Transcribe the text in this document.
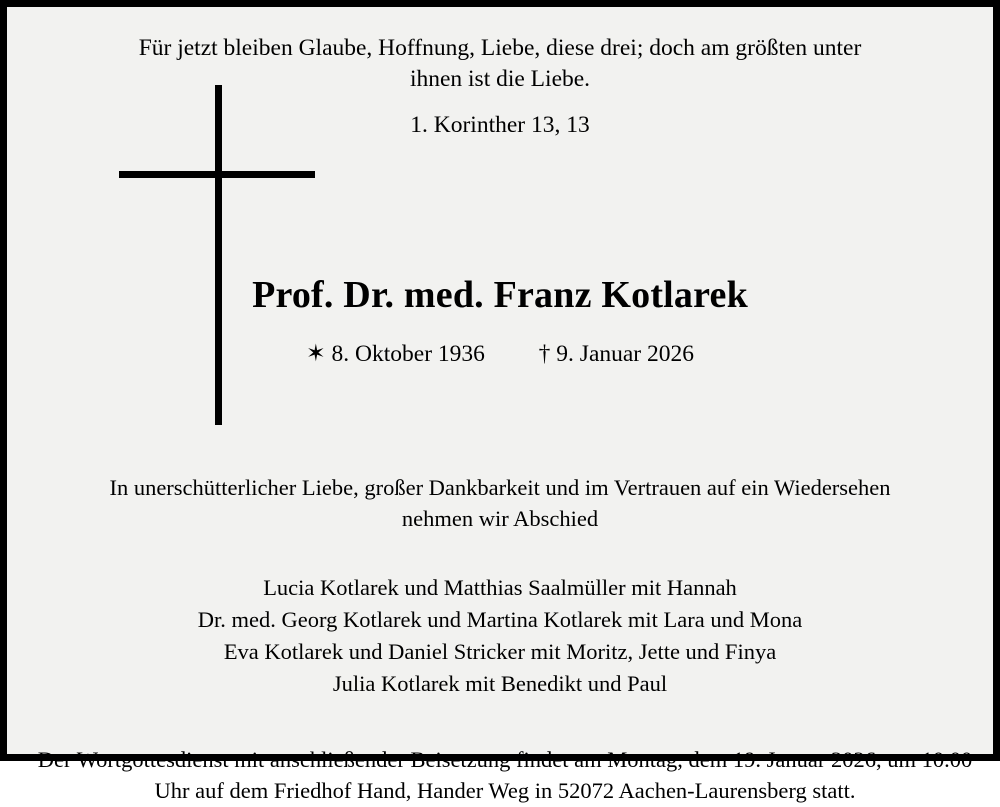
Für jetzt bleiben Glaube, Hoffnung, Liebe, diese drei; doch am größten unter ihnen ist die Liebe.
1. Korinther 13, 13
Prof. Dr. med. Franz Kotlarek
✶ 8. Oktober 1936 † 9. Januar 2026
In unerschütterlicher Liebe, großer Dankbarkeit und im Vertrauen auf ein Wiedersehen nehmen wir Abschied
Lucia Kotlarek und Matthias Saalmüller mit Hannah
Dr. med. Georg Kotlarek und Martina Kotlarek mit Lara und Mona
Eva Kotlarek und Daniel Stricker mit Moritz, Jette und Finya
Julia Kotlarek mit Benedikt und Paul
Der Wortgottesdienst mit anschließender Beisetzung findet am Montag, dem 19. Januar 2026, um 10.00 Uhr auf dem Friedhof Hand, Hander Weg in 52072 Aachen-Laurensberg statt.
